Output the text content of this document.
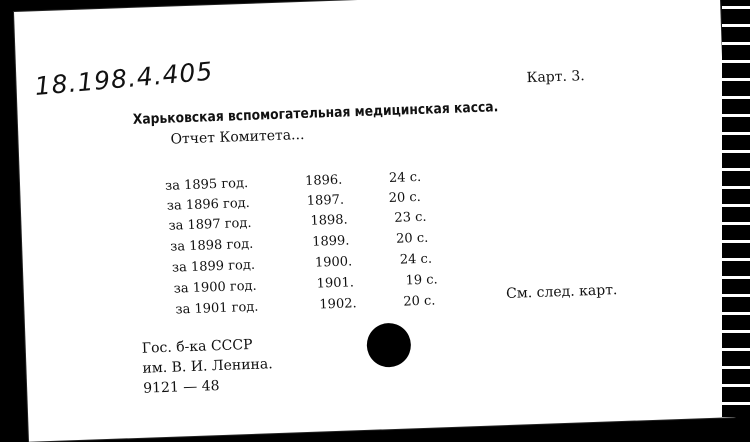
18.198.4.405	Карт. 3.
Харьковская вспомогательная медицинская касса.
Отчет Комитета...
за 1895 год.	1896.	24 с.
за 1896 год.	1897.	20 с.
за 1897 год.	1898.	23 с.
за 1898 год.	1899.	20 с.
за 1899 год.	1900.	24 с.
за 1900 год.	1901.	19 с.
за 1901 год.	1902.	20 с.	См. след. карт.
Гос. б-ка СССР
им. В. И. Ленина.
9121 — 48
